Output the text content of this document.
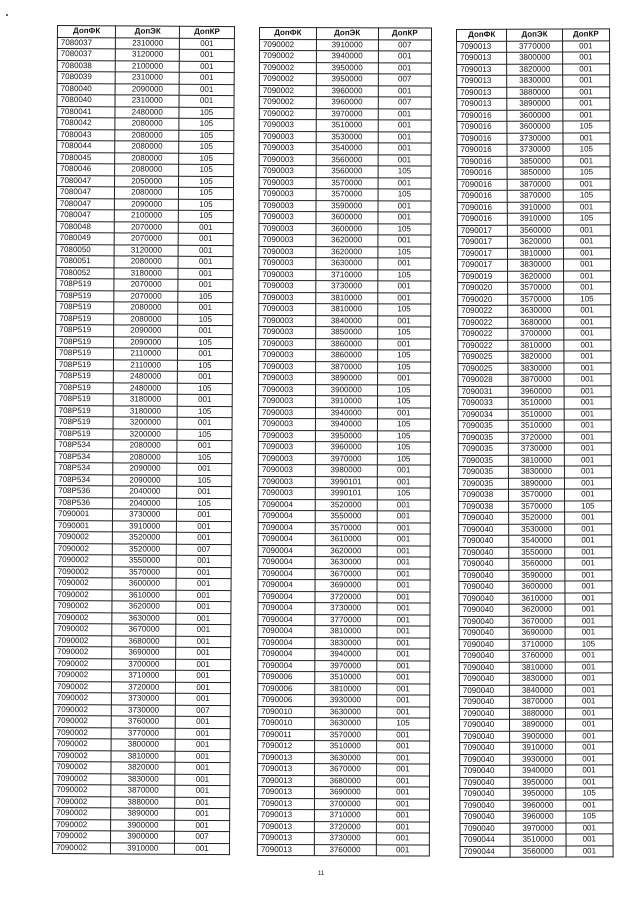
ДопФК	ДопЭК	ДопКР
7080037	2310000	001
7080037	3120000	001
7080038	2100000	001
7080039	2310000	001
7080040	2090000	001
7080040	2310000	001
7080041	2480000	105
7080042	2080000	105
7080043	2080000	105
7080044	2080000	105
7080045	2080000	105
7080046	2080000	105
7080047	2050000	105
7080047	2080000	105
7080047	2090000	105
7080047	2100000	105
7080048	2070000	001
7080049	2070000	001
7080050	3120000	001
7080051	2080000	001
7080052	3180000	001
708P519	2070000	001
708P519	2070000	105
708P519	2080000	001
708P519	2080000	105
708P519	2090000	001
708P519	2090000	105
708P519	2110000	001
708P519	2110000	105
708P519	2480000	001
708P519	2480000	105
708P519	3180000	001
708P519	3180000	105
708P519	3200000	001
708P519	3200000	105
708P534	2080000	001
708P534	2080000	105
708P534	2090000	001
708P534	2090000	105
708P536	2040000	001
708P536	2040000	105
7090001	3730000	001
7090001	3910000	001
7090002	3520000	001
7090002	3520000	007
7090002	3550000	001
7090002	3570000	001
7090002	3600000	001
7090002	3610000	001
7090002	3620000	001
7090002	3630000	001
7090002	3670000	001
7090002	3680000	001
7090002	3690000	001
7090002	3700000	001
7090002	3710000	001
7090002	3720000	001
7090002	3730000	001
7090002	3730000	007
7090002	3760000	001
7090002	3770000	001
7090002	3800000	001
7090002	3810000	001
7090002	3820000	001
7090002	3830000	001
7090002	3870000	001
7090002	3880000	001
7090002	3890000	001
7090002	3900000	001
7090002	3900000	007
7090002	3910000	001
ДопФК	ДопЭК	ДопКР
7090002	3910000	007
7090002	3940000	001
7090002	3950000	001
7090002	3950000	007
7090002	3960000	001
7090002	3960000	007
7090002	3970000	001
7090003	3510000	001
7090003	3530000	001
7090003	3540000	001
7090003	3560000	001
7090003	3560000	105
7090003	3570000	001
7090003	3570000	105
7090003	3590000	001
7090003	3600000	001
7090003	3600000	105
7090003	3620000	001
7090003	3620000	105
7090003	3630000	001
7090003	3710000	105
7090003	3730000	001
7090003	3810000	001
7090003	3810000	105
7090003	3840000	001
7090003	3850000	105
7090003	3860000	001
7090003	3860000	105
7090003	3870000	105
7090003	3890000	001
7090003	3900000	105
7090003	3910000	105
7090003	3940000	001
7090003	3940000	105
7090003	3950000	105
7090003	3960000	105
7090003	3970000	105
7090003	3980000	001
7090003	3990101	001
7090003	3990101	105
7090004	3520000	001
7090004	3550000	001
7090004	3570000	001
7090004	3610000	001
7090004	3620000	001
7090004	3630000	001
7090004	3670000	001
7090004	3690000	001
7090004	3720000	001
7090004	3730000	001
7090004	3770000	001
7090004	3810000	001
7090004	3830000	001
7090004	3940000	001
7090004	3970000	001
7090006	3510000	001
7090006	3810000	001
7090006	3930000	001
7090010	3630000	001
7090010	3630000	105
7090011	3570000	001
7090012	3510000	001
7090013	3630000	001
7090013	3670000	001
7090013	3680000	001
7090013	3690000	001
7090013	3700000	001
7090013	3710000	001
7090013	3720000	001
7090013	3730000	001
7090013	3760000	001
ДопФК	ДопЭК	ДопКР
7090013	3770000	001
7090013	3800000	001
7090013	3820000	001
7090013	3830000	001
7090013	3880000	001
7090013	3890000	001
7090016	3600000	001
7090016	3600000	105
7090016	3730000	001
7090016	3730000	105
7090016	3850000	001
7090016	3850000	105
7090016	3870000	001
7090016	3870000	105
7090016	3910000	001
7090016	3910000	105
7090017	3560000	001
7090017	3620000	001
7090017	3810000	001
7090017	3830000	001
7090019	3620000	001
7090020	3570000	001
7090020	3570000	105
7090022	3630000	001
7090022	3680000	001
7090022	3700000	001
7090022	3810000	001
7090025	3820000	001
7090025	3830000	001
7090028	3870000	001
7090031	3960000	001
7090033	3510000	001
7090034	3510000	001
7090035	3510000	001
7090035	3720000	001
7090035	3730000	001
7090035	3810000	001
7090035	3830000	001
7090035	3890000	001
7090038	3570000	001
7090038	3570000	105
7090040	3520000	001
7090040	3530000	001
7090040	3540000	001
7090040	3550000	001
7090040	3560000	001
7090040	3590000	001
7090040	3600000	001
7090040	3610000	001
7090040	3620000	001
7090040	3670000	001
7090040	3690000	001
7090040	3710000	105
7090040	3760000	001
7090040	3810000	001
7090040	3830000	001
7090040	3840000	001
7090040	3870000	001
7090040	3880000	001
7090040	3890000	001
7090040	3900000	001
7090040	3910000	001
7090040	3930000	001
7090040	3940000	001
7090040	3950000	001
7090040	3950000	105
7090040	3960000	001
7090040	3960000	105
7090040	3970000	001
7090044	3510000	001
7090044	3560000	001
11
